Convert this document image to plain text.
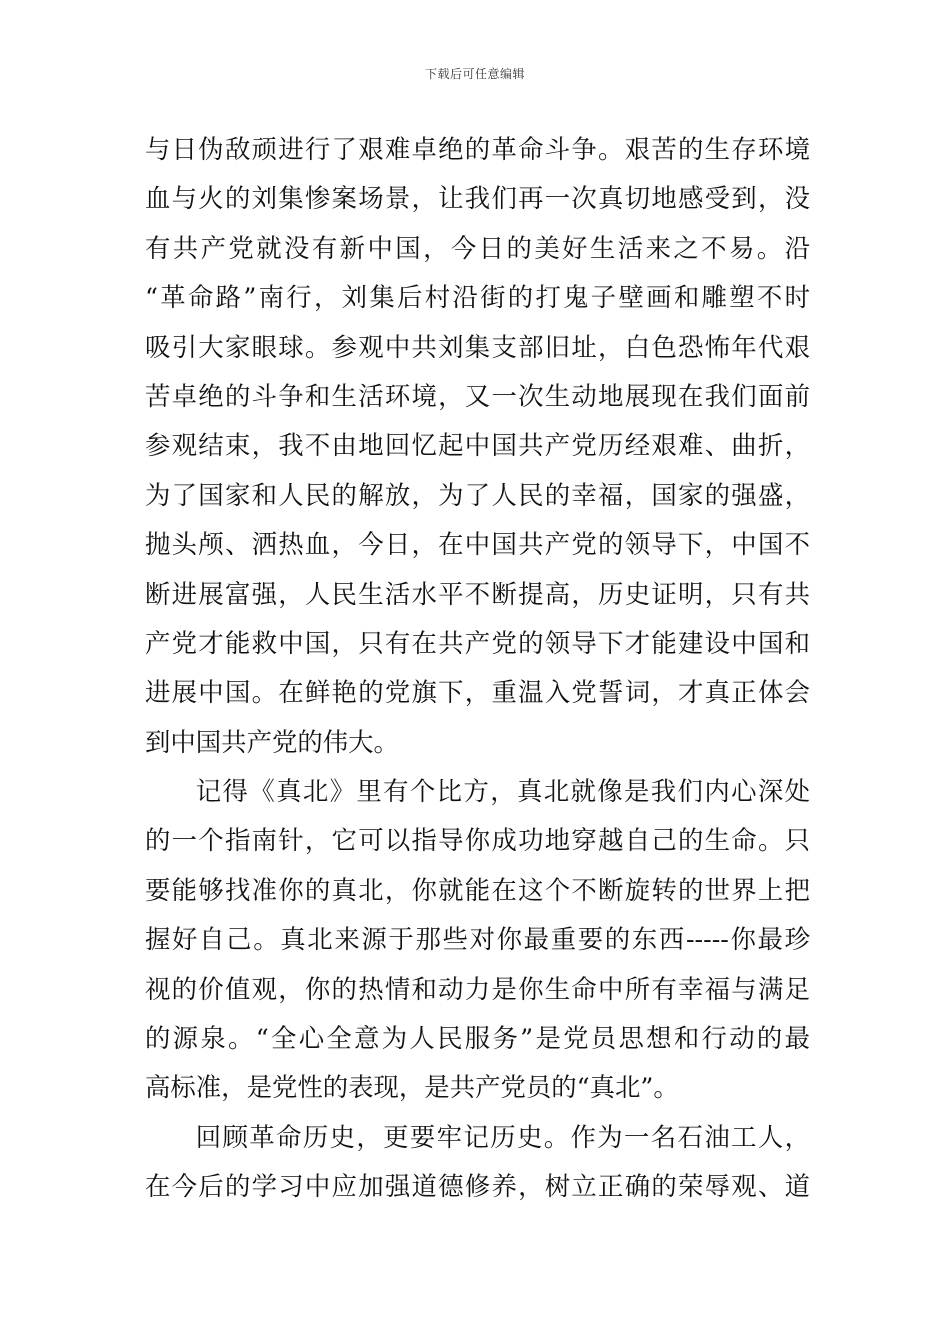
下载后可任意编辑
与日伪敌顽进行了艰难卓绝的革命斗争。艰苦的生存环境
血与火的刘集惨案场景，让我们再一次真切地感受到，没
有共产党就没有新中国，今日的美好生活来之不易。沿
“革命路”南行，刘集后村沿街的打鬼子壁画和雕塑不时
吸引大家眼球。参观中共刘集支部旧址，白色恐怖年代艰
苦卓绝的斗争和生活环境，又一次生动地展现在我们面前
参观结束，我不由地回忆起中国共产党历经艰难、曲折，
为了国家和人民的解放，为了人民的幸福，国家的强盛，
抛头颅、洒热血，今日，在中国共产党的领导下，中国不
断进展富强，人民生活水平不断提高，历史证明，只有共
产党才能救中国，只有在共产党的领导下才能建设中国和
进展中国。在鲜艳的党旗下，重温入党誓词，才真正体会
到中国共产党的伟大。
记得《真北》里有个比方，真北就像是我们内心深处
的一个指南针，它可以指导你成功地穿越自己的生命。只
要能够找准你的真北，你就能在这个不断旋转的世界上把
握好自己。真北来源于那些对你最重要的东西-----你最珍
视的价值观，你的热情和动力是你生命中所有幸福与满足
的源泉。“全心全意为人民服务”是党员思想和行动的最
高标准，是党性的表现，是共产党员的“真北”。
回顾革命历史，更要牢记历史。作为一名石油工人，
在今后的学习中应加强道德修养，树立正确的荣辱观、道
